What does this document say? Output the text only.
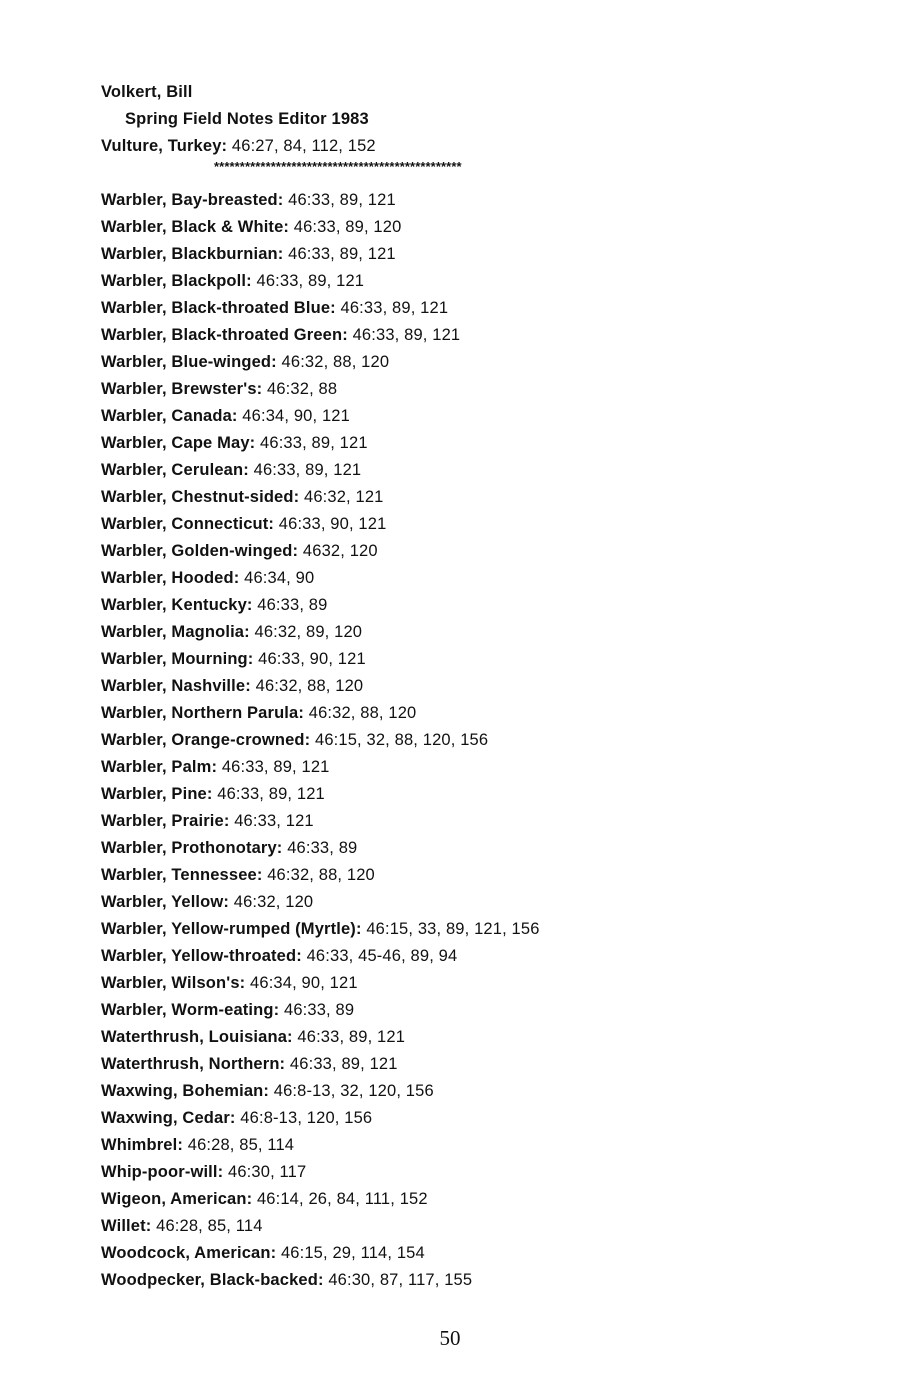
Volkert, Bill
Spring Field Notes Editor 1983
Vulture, Turkey: 46:27, 84, 112, 152
************************************************
Warbler, Bay-breasted: 46:33, 89, 121
Warbler, Black & White: 46:33, 89, 120
Warbler, Blackburnian: 46:33, 89, 121
Warbler, Blackpoll: 46:33, 89, 121
Warbler, Black-throated Blue: 46:33, 89, 121
Warbler, Black-throated Green: 46:33, 89, 121
Warbler, Blue-winged: 46:32, 88, 120
Warbler, Brewster's: 46:32, 88
Warbler, Canada: 46:34, 90, 121
Warbler, Cape May: 46:33, 89, 121
Warbler, Cerulean: 46:33, 89, 121
Warbler, Chestnut-sided: 46:32, 121
Warbler, Connecticut: 46:33, 90, 121
Warbler, Golden-winged: 4632, 120
Warbler, Hooded: 46:34, 90
Warbler, Kentucky: 46:33, 89
Warbler, Magnolia: 46:32, 89, 120
Warbler, Mourning: 46:33, 90, 121
Warbler, Nashville: 46:32, 88, 120
Warbler, Northern Parula: 46:32, 88, 120
Warbler, Orange-crowned: 46:15, 32, 88, 120, 156
Warbler, Palm: 46:33, 89, 121
Warbler, Pine: 46:33, 89, 121
Warbler, Prairie: 46:33, 121
Warbler, Prothonotary: 46:33, 89
Warbler, Tennessee: 46:32, 88, 120
Warbler, Yellow: 46:32, 120
Warbler, Yellow-rumped (Myrtle): 46:15, 33, 89, 121, 156
Warbler, Yellow-throated: 46:33, 45-46, 89, 94
Warbler, Wilson's: 46:34, 90, 121
Warbler, Worm-eating: 46:33, 89
Waterthrush, Louisiana: 46:33, 89, 121
Waterthrush, Northern: 46:33, 89, 121
Waxwing, Bohemian: 46:8-13, 32, 120, 156
Waxwing, Cedar: 46:8-13, 120, 156
Whimbrel: 46:28, 85, 114
Whip-poor-will: 46:30, 117
Wigeon, American: 46:14, 26, 84, 111, 152
Willet: 46:28, 85, 114
Woodcock, American: 46:15, 29, 114, 154
Woodpecker, Black-backed: 46:30, 87, 117, 155
50
